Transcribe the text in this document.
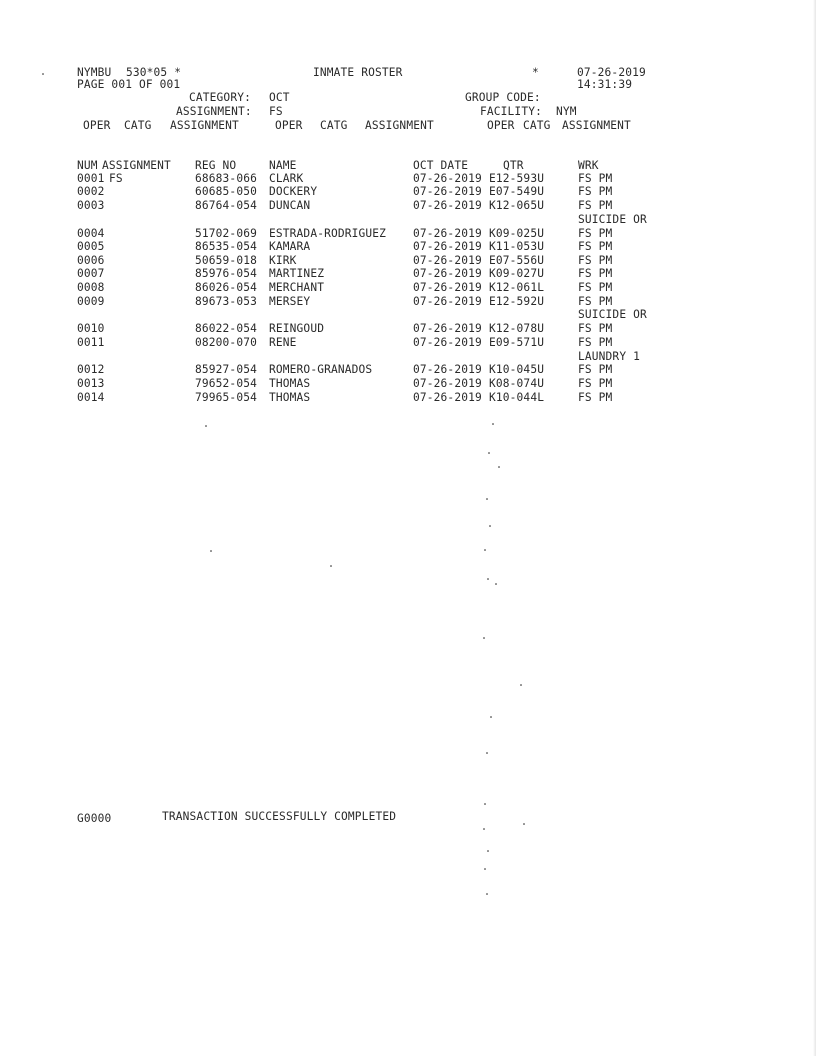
NYMBU 530*05 *	INMATE ROSTER	*	07-26-2019
PAGE 001 OF 001	14:31:39
CATEGORY: OCT	GROUP CODE:
ASSIGNMENT: FS	FACILITY: NYM
OPER CATG ASSIGNMENT	OPER CATG ASSIGNMENT	OPER CATG ASSIGNMENT
NUM ASSIGNMENT REG NO	NAME	OCT DATE	QTR	WRK
0001 FS	68683-066 CLARK	07-26-2019 E12-593U	FS PM
0002	60685-050 DOCKERY	07-26-2019 E07-549U	FS PM
0003	86764-054 DUNCAN	07-26-2019 K12-065U	FS PM
SUICIDE OR
0004	51702-069 ESTRADA-RODRIGUEZ 07-26-2019 K09-025U	FS PM
0005	86535-054 KAMARA	07-26-2019 K11-053U	FS PM
0006	50659-018 KIRK	07-26-2019 E07-556U	FS PM
0007	85976-054 MARTINEZ	07-26-2019 K09-027U	FS PM
0008	86026-054 MERCHANT	07-26-2019 K12-061L	FS PM
0009	89673-053 MERSEY	07-26-2019 E12-592U	FS PM
SUICIDE OR
0010	86022-054 REINGOUD	07-26-2019 K12-078U	FS PM
0011	08200-070 RENE	07-26-2019 E09-571U	FS PM
LAUNDRY 1
0012	85927-054 ROMERO-GRANADOS	07-26-2019 K10-045U	FS PM
0013	79652-054 THOMAS	07-26-2019 K08-074U	FS PM
0014	79965-054 THOMAS	07-26-2019 K10-044L	FS PM
G0000	TRANSACTION SUCCESSFULLY COMPLETED
